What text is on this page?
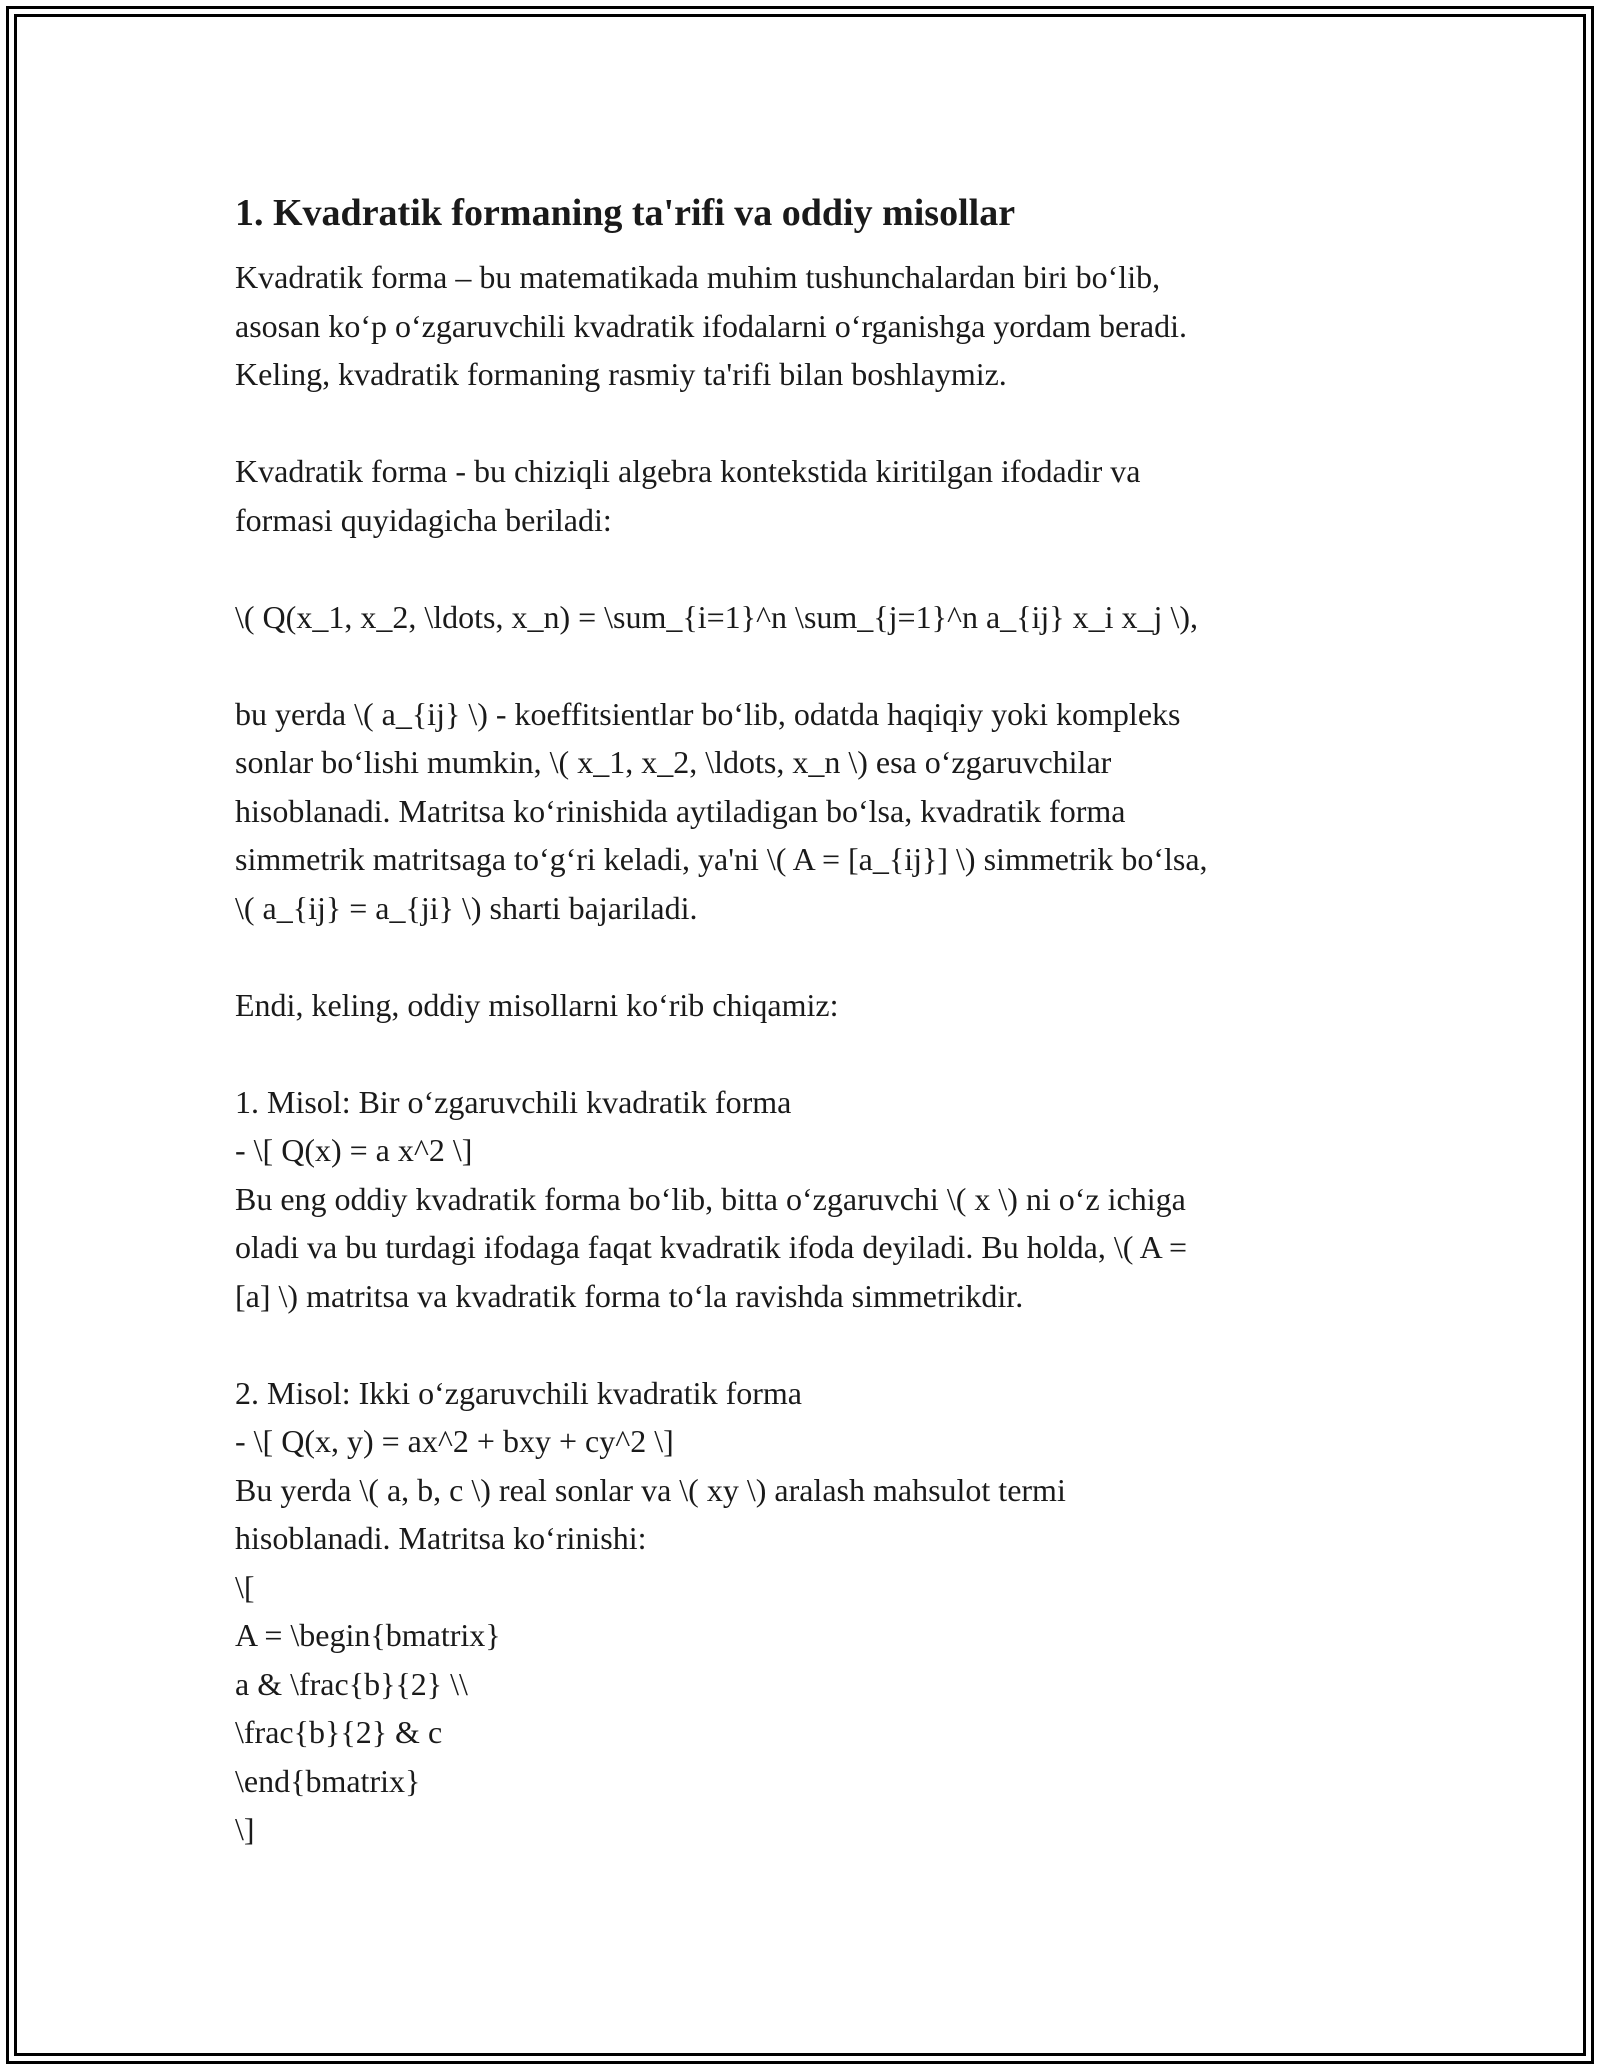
1. Kvadratik formaning ta'rifi va oddiy misollar

Kvadratik forma – bu matematikada muhim tushunchalardan biri bo‘lib,
asosan ko‘p o‘zgaruvchili kvadratik ifodalarni o‘rganishga yordam beradi.
Keling, kvadratik formaning rasmiy ta'rifi bilan boshlaymiz.

Kvadratik forma - bu chiziqli algebra kontekstida kiritilgan ifodadir va
formasi quyidagicha beriladi:

\( Q(x_1, x_2, \ldots, x_n) = \sum_{i=1}^n \sum_{j=1}^n a_{ij} x_i x_j \),

bu yerda \( a_{ij} \) - koeffitsientlar bo‘lib, odatda haqiqiy yoki kompleks
sonlar bo‘lishi mumkin, \( x_1, x_2, \ldots, x_n \) esa o‘zgaruvchilar
hisoblanadi. Matritsa ko‘rinishida aytiladigan bo‘lsa, kvadratik forma
simmetrik matritsaga to‘g‘ri keladi, ya'ni \( A = [a_{ij}] \) simmetrik bo‘lsa,
\( a_{ij} = a_{ji} \) sharti bajariladi.

Endi, keling, oddiy misollarni ko‘rib chiqamiz:

1. Misol: Bir o‘zgaruvchili kvadratik forma
- \[ Q(x) = a x^2 \]
Bu eng oddiy kvadratik forma bo‘lib, bitta o‘zgaruvchi \( x \) ni o‘z ichiga
oladi va bu turdagi ifodaga faqat kvadratik ifoda deyiladi. Bu holda, \( A =
[a] \) matritsa va kvadratik forma to‘la ravishda simmetrikdir.

2. Misol: Ikki o‘zgaruvchili kvadratik forma
- \[ Q(x, y) = ax^2 + bxy + cy^2 \]
Bu yerda \( a, b, c \) real sonlar va \( xy \) aralash mahsulot termi
hisoblanadi. Matritsa ko‘rinishi:
\[
A = \begin{bmatrix}
a & \frac{b}{2} \\
\frac{b}{2} & c
\end{bmatrix}
\]
